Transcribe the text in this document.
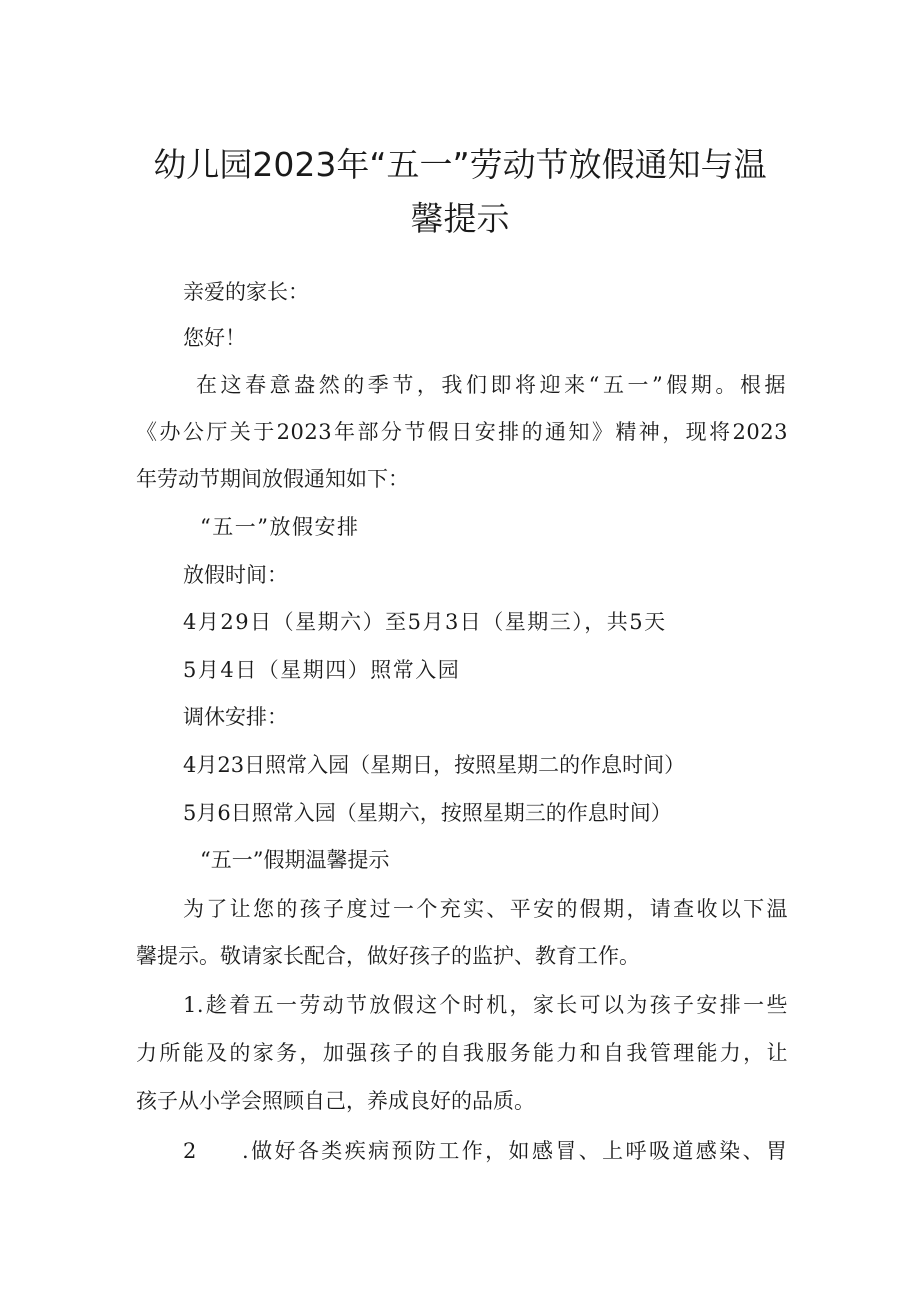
幼儿园2023年“五一”劳动节放假通知与温
馨提示
亲爱的家长：
您好！
在这春意盎然的季节，我们即将迎来“五一”假期。根据
《办公厅关于2023年部分节假日安排的通知》精神，现将2023
年劳动节期间放假通知如下：
“五一”放假安排
放假时间：
4月29日（星期六）至5月3日（星期三），共5天
5月4日（星期四）照常入园
调休安排：
4月23日照常入园（星期日，按照星期二的作息时间）
5月6日照常入园（星期六，按照星期三的作息时间）
“五一”假期温馨提示
为了让您的孩子度过一个充实、平安的假期，请查收以下温
馨提示。敬请家长配合，做好孩子的监护、教育工作。
1.趁着五一劳动节放假这个时机，家长可以为孩子安排一些
力所能及的家务，加强孩子的自我服务能力和自我管理能力，让
孩子从小学会照顾自己，养成良好的品质。
2 .做好各类疾病预防工作，如感冒、上呼吸道感染、胃
